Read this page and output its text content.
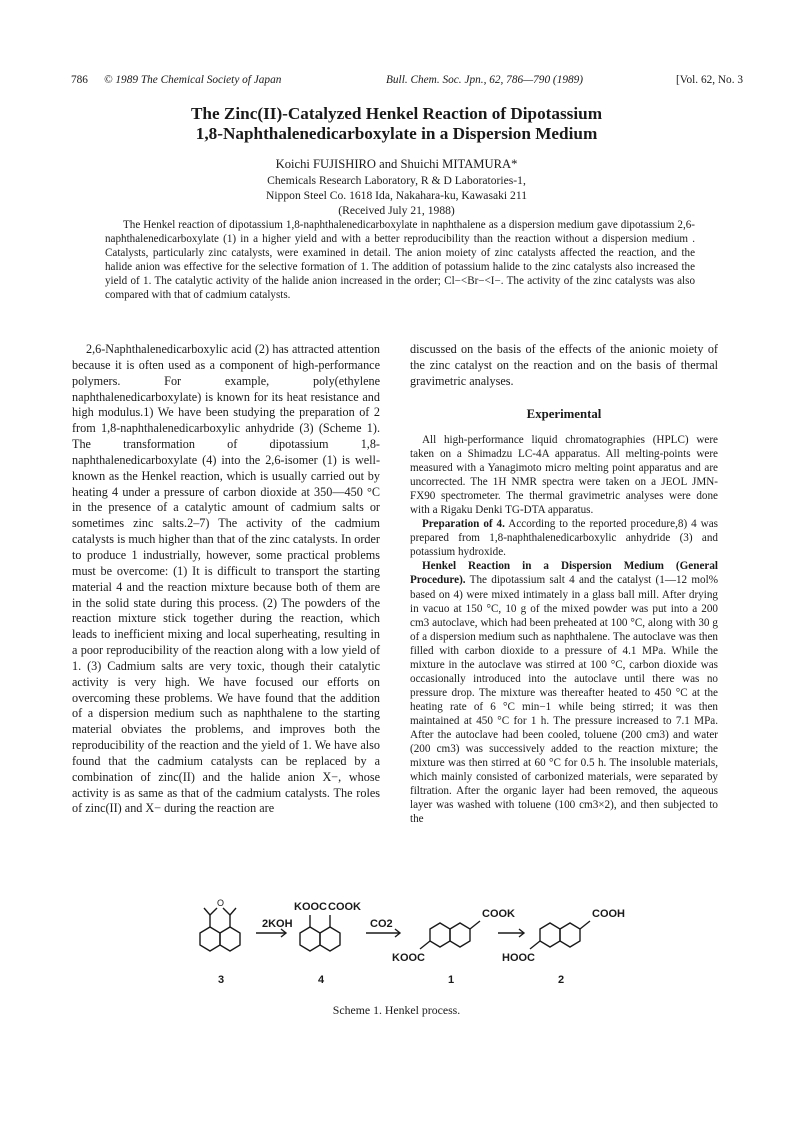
786 © 1989 The Chemical Society of Japan	Bull. Chem. Soc. Jpn., 62, 786—790 (1989)	[Vol. 62, No. 3
The Zinc(II)-Catalyzed Henkel Reaction of Dipotassium
1,8-Naphthalenedicarboxylate in a Dispersion Medium
Koichi FUJISHIRO and Shuichi MITAMURA*
Chemicals Research Laboratory, R & D Laboratories-1,
Nippon Steel Co. 1618 Ida, Nakahara-ku, Kawasaki 211
(Received July 21, 1988)

The Henkel reaction of dipotassium 1,8-naphthalenedicarboxylate in naphthalene as a dispersion medium gave dipotassium 2,6-naphthalenedicarboxylate (1) in a higher yield and with a better reproducibility than the reaction without a dispersion medium . Catalysts, particularly zinc catalysts, were examined in detail. The anion moiety of zinc catalysts affected the reaction, and the halide anion was effective for the selective formation of 1. The addition of potassium halide to the zinc catalysts also increased the yield of 1. The catalytic activity of the halide anion increased in the order; Cl−<Br−<I−. The activity of the zinc catalysts was also compared with that of cadmium catalysts.

2,6-Naphthalenedicarboxylic acid (2) has attracted attention because it is often used as a component of high-performance polymers. For example, poly(ethylene naphthalenedicarboxylate) is known for its heat resistance and high modulus.1) We have been studying the preparation of 2 from 1,8-naphthalenedicarboxylic anhydride (3) (Scheme 1). The transformation of dipotassium 1,8-naphthalenedicarboxylate (4) into the 2,6-isomer (1) is well-known as the Henkel reaction, which is usually carried out by heating 4 under a pressure of carbon dioxide at 350—450 °C in the presence of a catalytic amount of cadmium salts or sometimes zinc salts.2–7) The activity of the cadmium catalysts is much higher than that of the zinc catalysts. In order to produce 1 industrially, however, some practical problems must be overcome: (1) It is difficult to transport the starting material 4 and the reaction mixture because both of them are in the solid state during this process. (2) The powders of the reaction mixture stick together during the reaction, which leads to inefficient mixing and local superheating, resulting in a poor reproducibility of the reaction along with a low yield of 1. (3) Cadmium salts are very toxic, though their catalytic activity is very high. We have focused our efforts on overcoming these problems. We have found that the addition of a dispersion medium such as naphthalene to the starting material obviates the problems, and improves both the reproducibility of the reaction and the yield of 1. We have also found that the cadmium catalysts can be replaced by a combination of zinc(II) and the halide anion X−, whose activity is as same as that of the cadmium catalysts. The roles of zinc(II) and X− during the reaction are

discussed on the basis of the effects of the anionic moiety of the zinc catalyst on the reaction and on the basis of thermal gravimetric analyses.

Experimental

All high-performance liquid chromatographies (HPLC) were taken on a Shimadzu LC-4A apparatus. All melting-points were measured with a Yanagimoto micro melting point apparatus and are uncorrected. The 1H NMR spectra were taken on a JEOL JMN-FX90 spectrometer. The thermal gravimetric analyses were done with a Rigaku Denki TG-DTA apparatus.

Preparation of 4. According to the reported procedure,8) 4 was prepared from 1,8-naphthalenedicarboxylic anhydride (3) and potassium hydroxide.

Henkel Reaction in a Dispersion Medium (General Procedure). The dipotassium salt 4 and the catalyst (1—12 mol% based on 4) were mixed intimately in a glass ball mill. After drying in vacuo at 150 °C, 10 g of the mixed powder was put into a 200 cm3 autoclave, which had been preheated at 100 °C, along with 30 g of a dispersion medium such as naphthalene. The autoclave was then filled with carbon dioxide to a pressure of 4.1 MPa. While the mixture in the autoclave was stirred at 100 °C, carbon dioxide was occasionally introduced into the autoclave until there was no pressure drop. The mixture was thereafter heated to 450 °C at the heating rate of 6 °C min−1 while being stirred; it was then maintained at 450 °C for 1 h. The pressure increased to 7.1 MPa. After the autoclave had been cooled, toluene (200 cm3) and water (200 cm3) was successively added to the reaction mixture; the mixture was then stirred at 60 °C for 0.5 h. The insoluble materials, which mainly consisted of carbonized materials, were separated by filtration. After the organic layer had been removed, the aqueous layer was washed with toluene (100 cm3×2), and then subjected to the

O
2KOH	CO2
KOOC COOK
COOK
KOOC
COOH
HOOC
3	4	1	2
Scheme 1. Henkel process.
